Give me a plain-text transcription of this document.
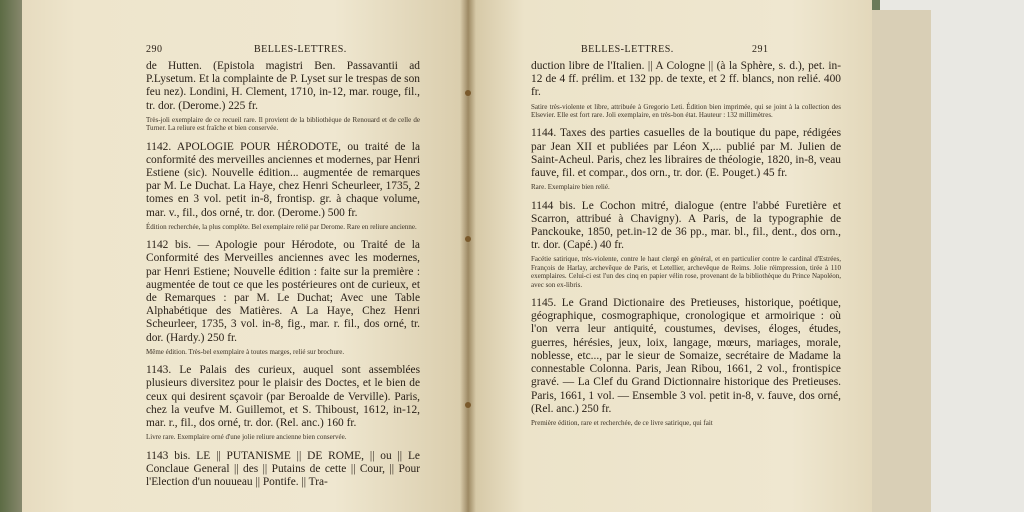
290	BELLES-LETTRES.

de Hutten. (Epistola magistri Ben. Passavantii ad P.Lysetum. Et la complainte de P. Lyset sur le trespas de son feu nez). Londini, H. Clement, 1710, in-12, mar. rouge, fil., tr. dor. (Derome.) 225 fr.

Très-joli exemplaire de ce recueil rare. Il provient de la bibliothèque de Renouard et de celle de Turner. La reliure est fraîche et bien conservée.

1142. APOLOGIE POUR HÉRODOTE, ou traité de la conformité des merveilles anciennes et modernes, par Henri Estiene (sic). Nouvelle édition... augmentée de remarques par M. Le Duchat. La Haye, chez Henri Scheurleer, 1735, 2 tomes en 3 vol. petit in-8, frontisp. gr. à chaque volume, mar. v., fil., dos orné, tr. dor. (Derome.) 500 fr.

Édition recherchée, la plus complète. Bel exemplaire relié par Derome. Rare en reliure ancienne.

1142 bis. — Apologie pour Hérodote, ou Traité de la Conformité des Merveilles anciennes avec les modernes, par Henri Estiene; Nouvelle édition : faite sur la première : augmentée de tout ce que les postérieures ont de curieux, et de Remarques : par M. Le Duchat; Avec une Table Alphabétique des Matières. A La Haye, Chez Henri Scheurleer, 1735, 3 vol. in-8, fig., mar. r. fil., dos orné, tr. dor. (Hardy.) 250 fr.

Même édition. Très-bel exemplaire à toutes marges, relié sur brochure.

1143. Le Palais des curieux, auquel sont assemblées plusieurs diversitez pour le plaisir des Doctes, et le bien de ceux qui desirent sçavoir (par Beroalde de Verville). Paris, chez la veufve M. Guillemot, et S. Thiboust, 1612, in-12, mar. r., fil., dos orné, tr. dor. (Rel. anc.) 160 fr.

Livre rare. Exemplaire orné d'une jolie reliure ancienne bien conservée.

1143 bis. LE || PUTANISME || DE ROME, || ou || Le Conclaue General || des || Putains de cette || Cour, || Pour l'Election d'un nouueau || Pontife. || Tra-

BELLES-LETTRES.	291

duction libre de l'Italien. || A Cologne || (à la Sphère, s. d.), pet. in-12 de 4 ff. prélim. et 132 pp. de texte, et 2 ff. blancs, non relié. 400 fr.

Satire très-violente et libre, attribuée à Gregorio Leti. Édition bien imprimée, qui se joint à la collection des Elsevier. Elle est fort rare. Joli exemplaire, en très-bon état. Hauteur : 132 millimètres.

1144. Taxes des parties casuelles de la boutique du pape, rédigées par Jean XII et publiées par Léon X,... publié par M. Julien de Saint-Acheul. Paris, chez les libraires de théologie, 1820, in-8, veau fauve, fil. et compar., dos orn., tr. dor. (E. Pouget.) 45 fr.

Rare. Exemplaire bien relié.

1144 bis. Le Cochon mitré, dialogue (entre l'abbé Furetière et Scarron, attribué à Chavigny). A Paris, de la typographie de Panckouke, 1850, pet.in-12 de 36 pp., mar. bl., fil., dent., dos orn., tr. dor. (Capé.) 40 fr.

Facétie satirique, très-violente, contre le haut clergé en général, et en particulier contre le cardinal d'Estrées, François de Harlay, archevêque de Paris, et Letellier, archevêque de Reims. Jolie réimpression, tirée à 110 exemplaires. Celui-ci est l'un des cinq en papier vélin rose, provenant de la bibliothèque du Prince Napoléon, avec son ex-libris.

1145. Le Grand Dictionaire des Pretieuses, historique, poétique, géographique, cosmographique, cronologique et armoirique : où l'on verra leur antiquité, coustumes, devises, éloges, études, guerres, hérésies, jeux, loix, langage, mœurs, mariages, morale, noblesse, etc..., par le sieur de Somaize, secrétaire de Madame la connestable Colonna. Paris, Jean Ribou, 1661, 2 vol., frontispice gravé. — La Clef du Grand Dictionnaire historique des Pretieuses. Paris, 1661, 1 vol. — Ensemble 3 vol. petit in-8, v. fauve, dos orné, (Rel. anc.) 250 fr.

Première édition, rare et recherchée, de ce livre satirique, qui fait
